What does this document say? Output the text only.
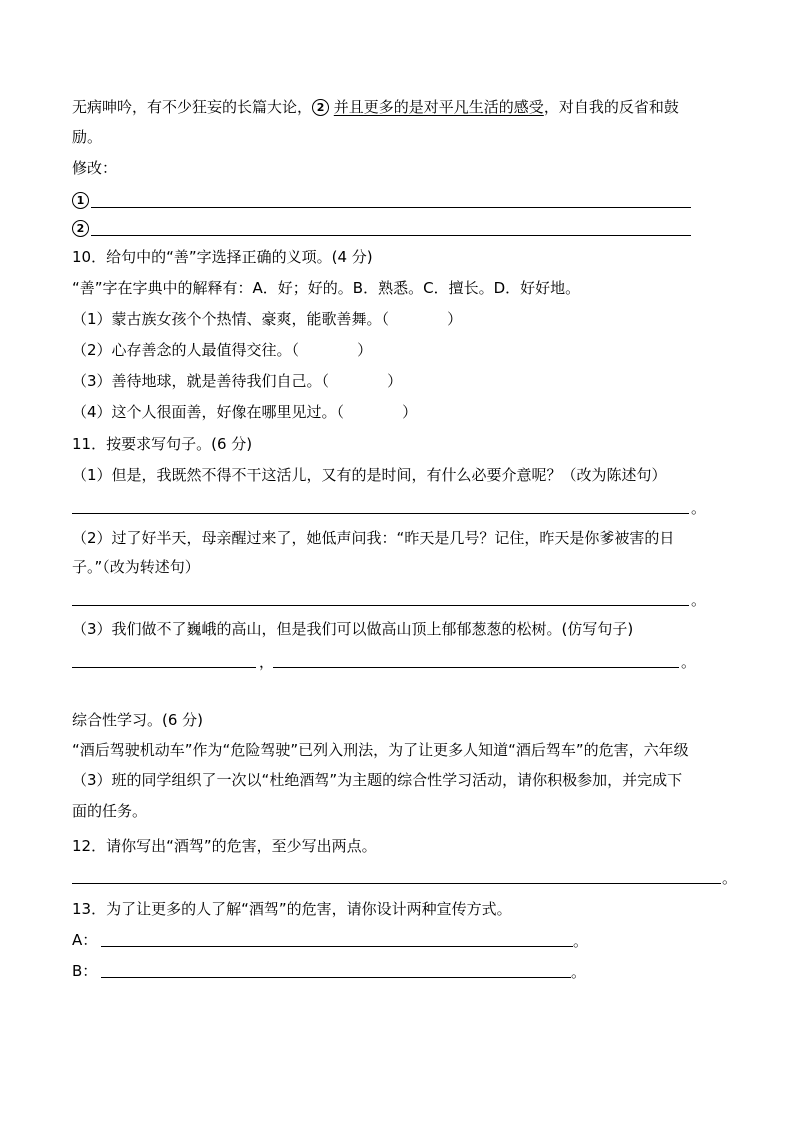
无病呻吟，有不少狂妄的长篇大论， 2 并且更多的是对平凡生活的感受，对自我的反省和鼓
励。
修改：
1
2
10．给句中的“善”字选择正确的义项。(4 分)
“善”字在字典中的解释有：A．好；好的。B．熟悉。C．擅长。D．好好地。
（1）蒙古族女孩个个热情、豪爽，能歌善舞。（	）
（2）心存善念的人最值得交往。（	）
（3）善待地球，就是善待我们自己。（	）
（4）这个人很面善，好像在哪里见过。（	）
11．按要求写句子。(6 分)
（1）但是，我既然不得不干这活儿，又有的是时间，有什么必要介意呢？（改为陈述句）
。
（2）过了好半天，母亲醒过来了，她低声问我：“昨天是几号？记住，昨天是你爹被害的日
子。”（改为转述句）
。
（3）我们做不了巍峨的高山，但是我们可以做高山顶上郁郁葱葱的松树。(仿写句子)
，	。
综合性学习。(6 分)
“酒后驾驶机动车”作为“危险驾驶”已列入刑法，为了让更多人知道“酒后驾车”的危害，六年级
（3）班的同学组织了一次以“杜绝酒驾”为主题的综合性学习活动，请你积极参加，并完成下
面的任务。
12．请你写出“酒驾”的危害，至少写出两点。
。
13．为了让更多的人了解“酒驾”的危害，请你设计两种宣传方式。
A：	。
B：	。
